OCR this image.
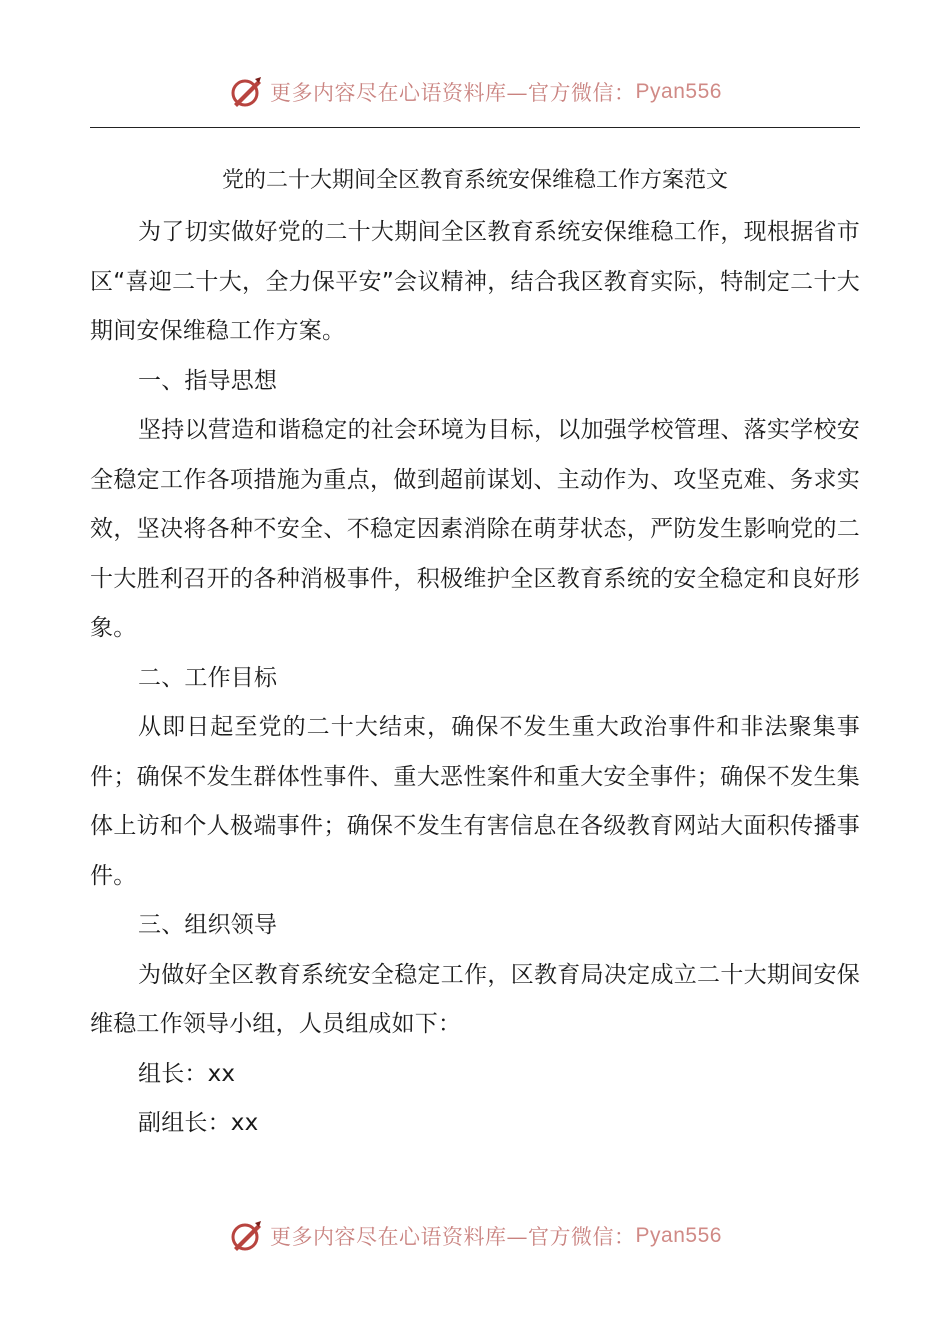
更多内容尽在心语资料库—官方微信： Pyan556

党的二十大期间全区教育系统安保维稳工作方案范文

为了切实做好党的二十大期间全区教育系统安保维稳工作，现根据省市区“喜迎二十大，全力保平安”会议精神，结合我区教育实际，特制定二十大期间安保维稳工作方案。

一、指导思想

坚持以营造和谐稳定的社会环境为目标，以加强学校管理、落实学校安全稳定工作各项措施为重点，做到超前谋划、主动作为、攻坚克难、务求实效，坚决将各种不安全、不稳定因素消除在萌芽状态，严防发生影响党的二十大胜利召开的各种消极事件，积极维护全区教育系统的安全稳定和良好形象。

二、工作目标

从即日起至党的二十大结束，确保不发生重大政治事件和非法聚集事件；确保不发生群体性事件、重大恶性案件和重大安全事件；确保不发生集体上访和个人极端事件；确保不发生有害信息在各级教育网站大面积传播事件。

三、组织领导

为做好全区教育系统安全稳定工作，区教育局决定成立二十大期间安保维稳工作领导小组，人员组成如下：

组长：xx

副组长：xx

更多内容尽在心语资料库—官方微信： Pyan556
